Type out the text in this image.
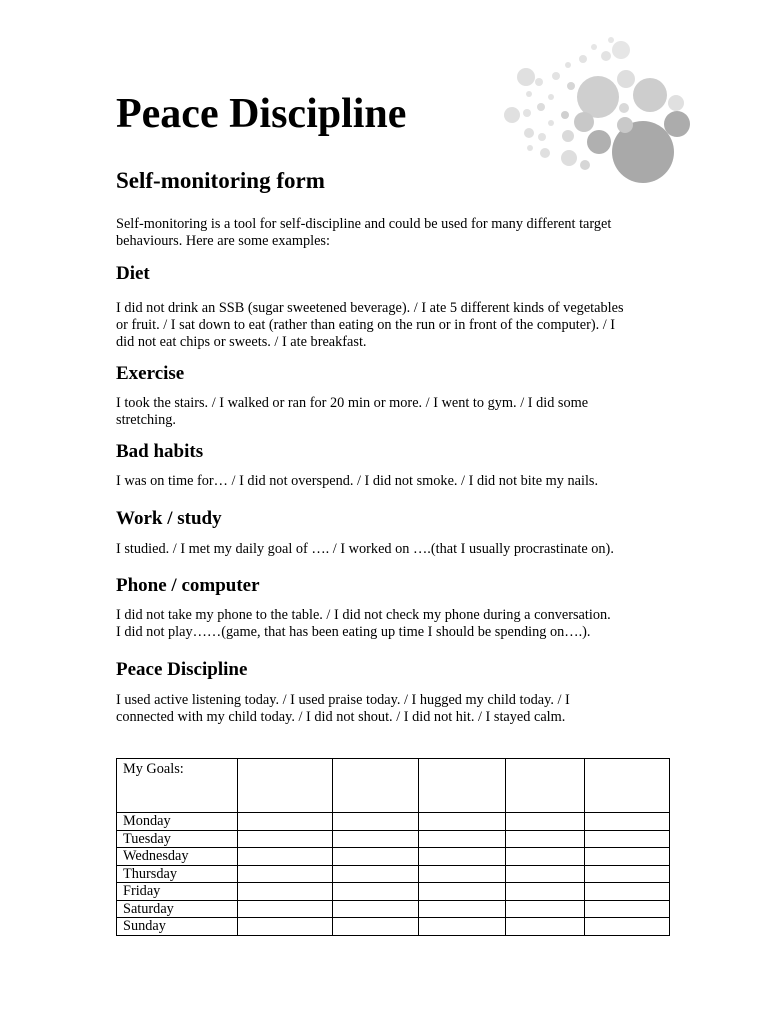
Peace Discipline
Self-monitoring form

Self-monitoring is a tool for self-discipline and could be used for many different target
behaviours. Here are some examples:

Diet

I did not drink an SSB (sugar sweetened beverage). / I ate 5 different kinds of vegetables
or fruit. / I sat down to eat (rather than eating on the run or in front of the computer). / I
did not eat chips or sweets. / I ate breakfast.

Exercise

I took the stairs. / I walked or ran for 20 min or more. / I went to gym. / I did some
stretching.

Bad habits

I was on time for… / I did not overspend. / I did not smoke. / I did not bite my nails.

Work / study

I studied. / I met my daily goal of …. / I worked on ….(that I usually procrastinate on).

Phone / computer

I did not take my phone to the table. / I did not check my phone during a conversation.
I did not play……(game, that has been eating up time I should be spending on….).

Peace Discipline

I used active listening today. / I used praise today. / I hugged my child today. / I
connected with my child today. / I did not shout. / I did not hit. / I stayed calm.

My Goals:					
Monday					
Tuesday					
Wednesday					
Thursday					
Friday					
Saturday					
Sunday					
